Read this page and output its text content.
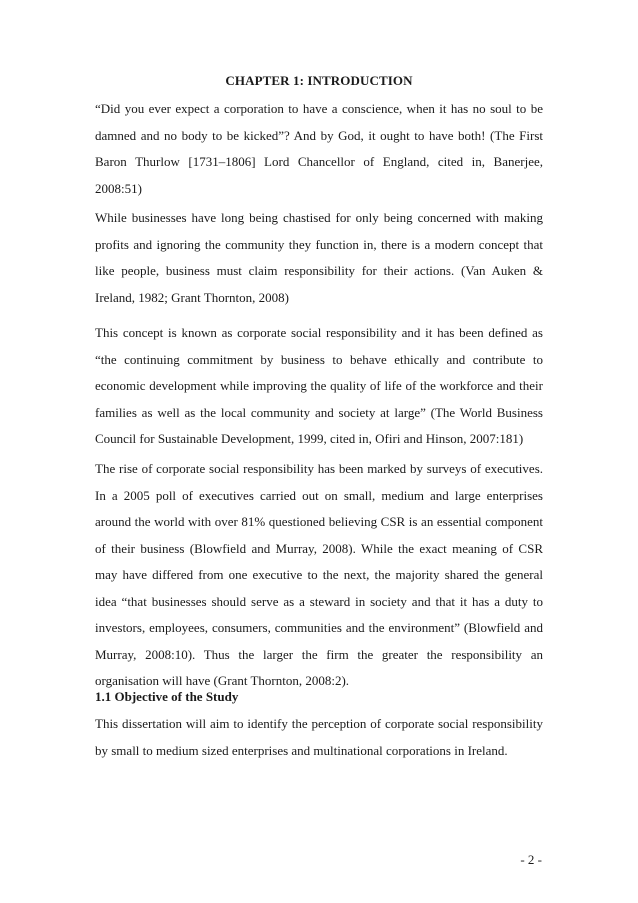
CHAPTER 1: INTRODUCTION

“Did you ever expect a corporation to have a conscience, when it has no soul to be damned and no body to be kicked”? And by God, it ought to have both! (The First Baron Thurlow [1731–1806] Lord Chancellor of England, cited in, Banerjee, 2008:51)

While businesses have long being chastised for only being concerned with making profits and ignoring the community they function in, there is a modern concept that like people, business must claim responsibility for their actions. (Van Auken & Ireland, 1982; Grant Thornton, 2008)

This concept is known as corporate social responsibility and it has been defined as “the continuing commitment by business to behave ethically and contribute to economic development while improving the quality of life of the workforce and their families as well as the local community and society at large” (The World Business Council for Sustainable Development, 1999, cited in, Ofiri and Hinson, 2007:181)

The rise of corporate social responsibility has been marked by surveys of executives. In a 2005 poll of executives carried out on small, medium and large enterprises around the world with over 81% questioned believing CSR is an essential component of their business (Blowfield and Murray, 2008). While the exact meaning of CSR may have differed from one executive to the next, the majority shared the general idea “that businesses should serve as a steward in society and that it has a duty to investors, employees, consumers, communities and the environment” (Blowfield and Murray, 2008:10). Thus the larger the firm the greater the responsibility an organisation will have (Grant Thornton, 2008:2).

1.1 Objective of the Study

This dissertation will aim to identify the perception of corporate social responsibility by small to medium sized enterprises and multinational corporations in Ireland.

- 2 -
